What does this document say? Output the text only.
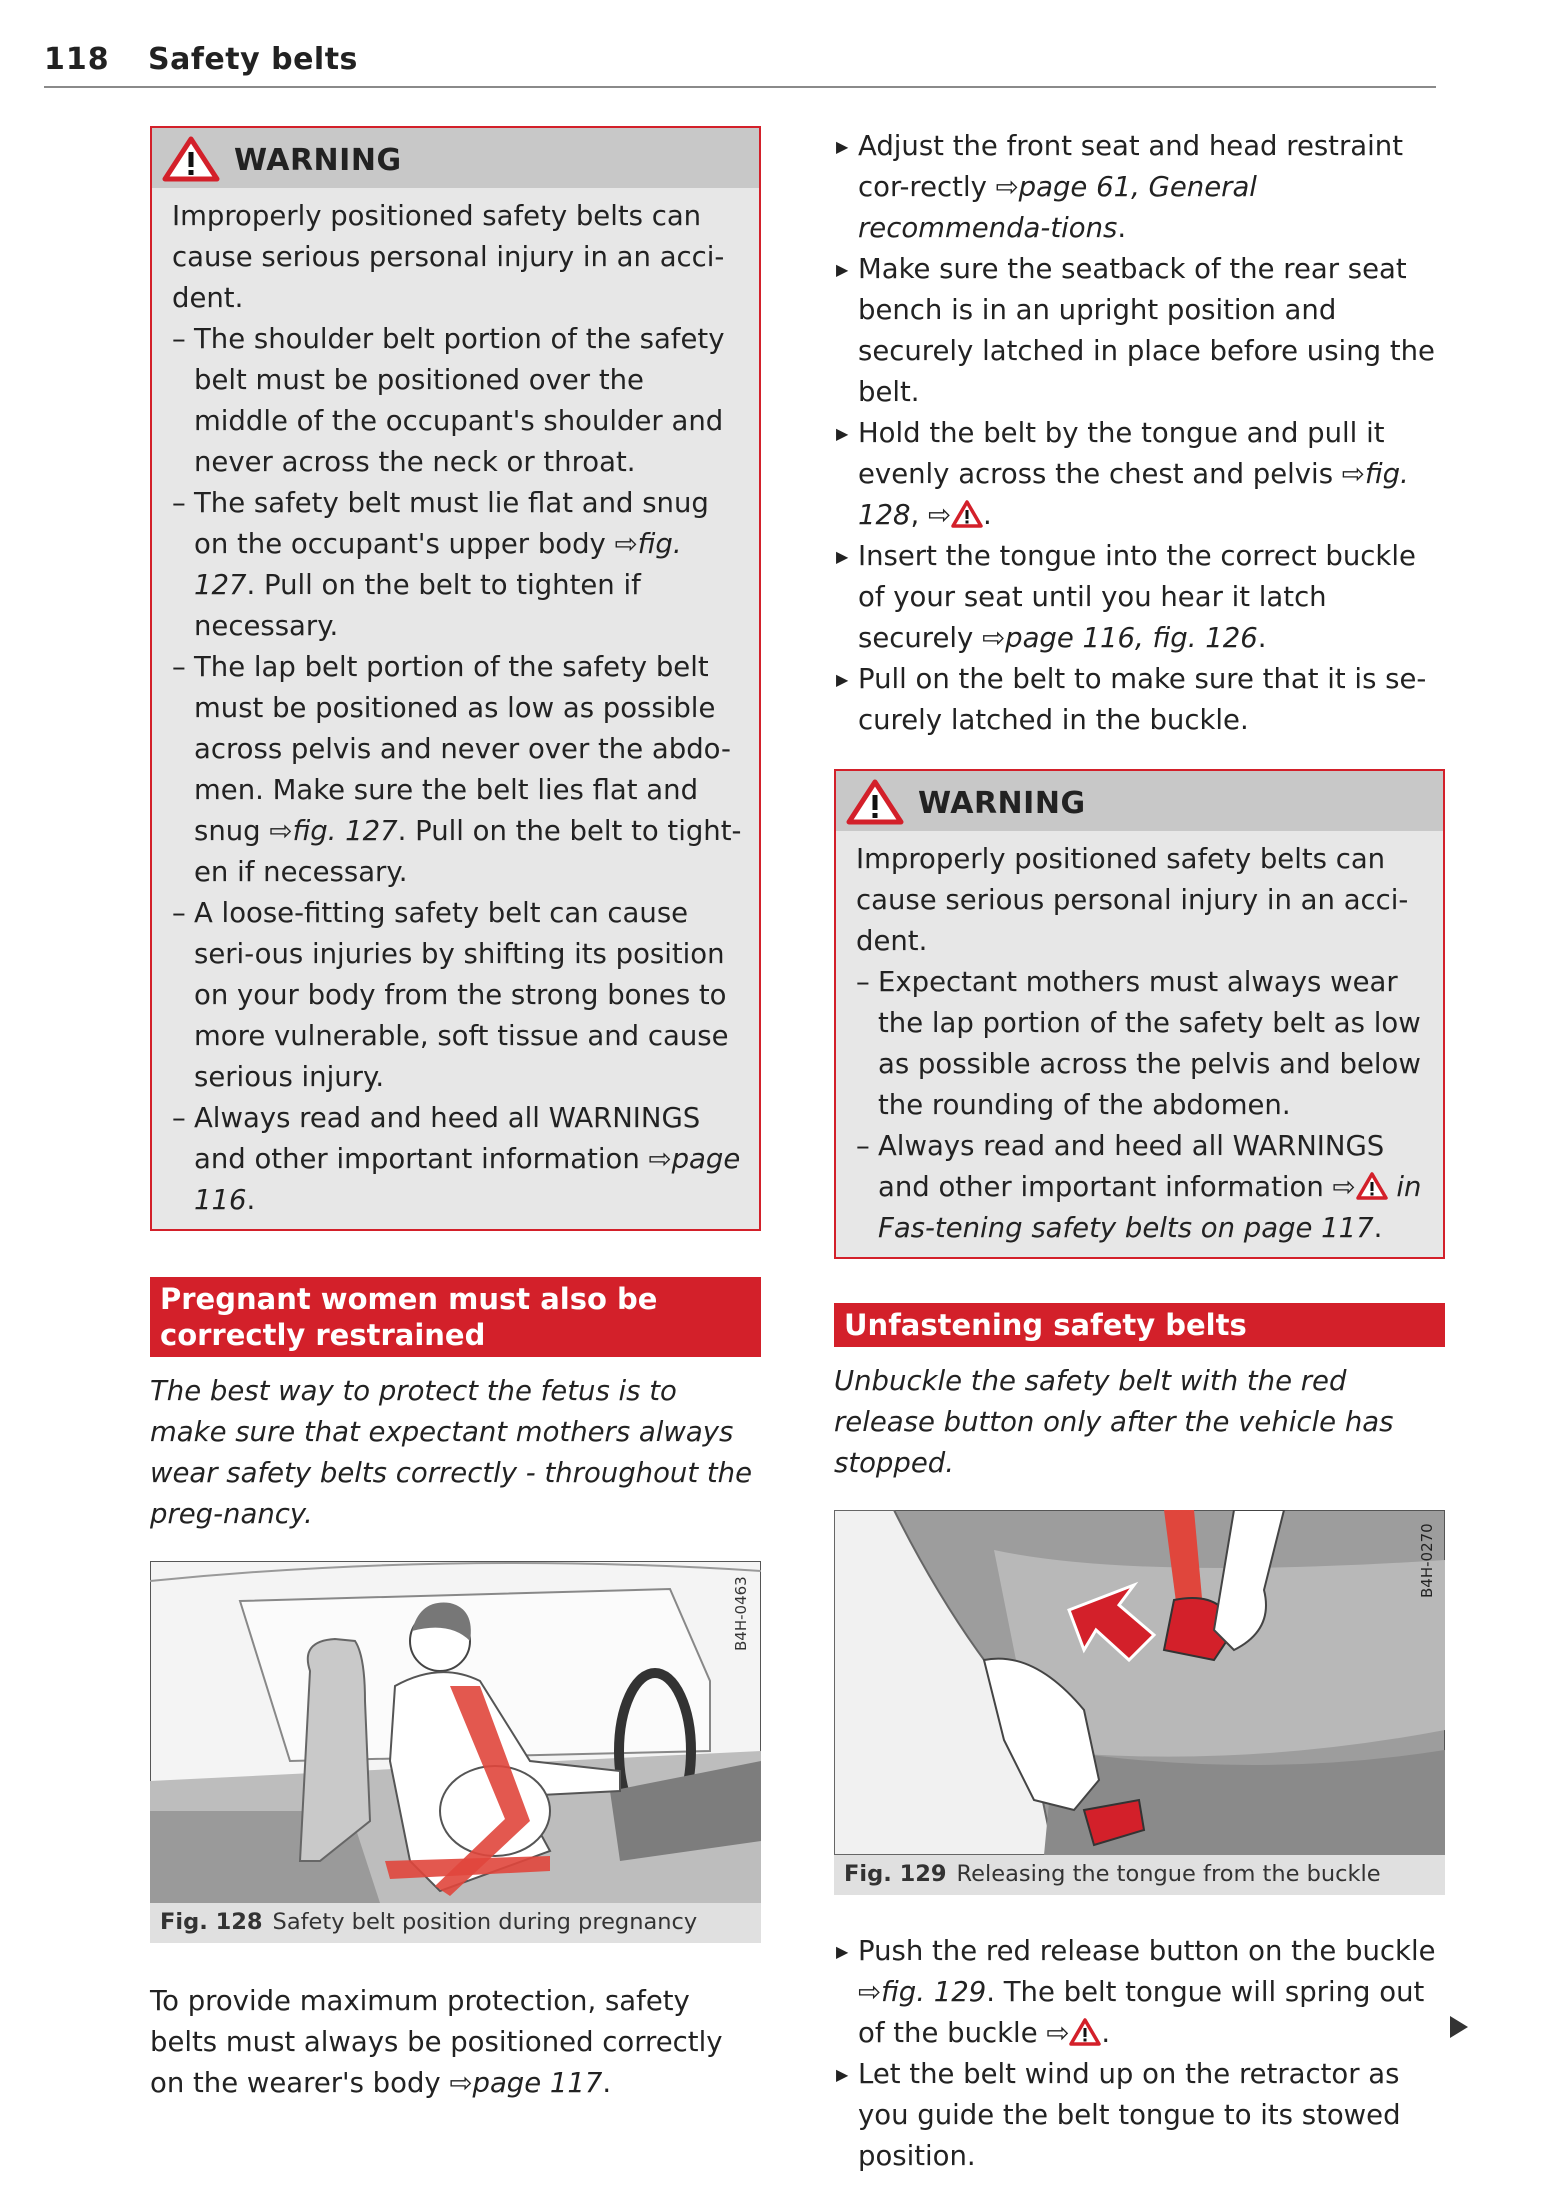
118 Safety belts
WARNING

Improperly positioned safety belts can cause serious personal injury in an acci-dent.

– The shoulder belt portion of the safety belt must be positioned over the middle of the occupant's shoulder and never across the neck or throat.
– The safety belt must lie flat and snug on the occupant's upper body ⇨fig. 127. Pull on the belt to tighten if necessary.
– The lap belt portion of the safety belt must be positioned as low as possible across pelvis and never over the abdo-men. Make sure the belt lies flat and snug ⇨fig. 127. Pull on the belt to tight-en if necessary.
– A loose-fitting safety belt can cause seri-ous injuries by shifting its position on your body from the strong bones to more vulnerable, soft tissue and cause serious injury.
– Always read and heed all WARNINGS and other important information ⇨page 116.
Pregnant women must also be correctly restrained

The best way to protect the fetus is to make sure that expectant mothers always wear safety belts correctly - throughout the preg-nancy.

B4H-0463
Fig. 128 Safety belt position during pregnancy

To provide maximum protection, safety belts must always be positioned correctly on the wearer's body ⇨page 117.

▶ Adjust the front seat and head restraint cor-rectly ⇨page 61, General recommenda-tions.
▶ Make sure the seatback of the rear seat bench is in an upright position and securely latched in place before using the belt.
▶ Hold the belt by the tongue and pull it evenly across the chest and pelvis ⇨fig. 128, ⇨ .
▶ Insert the tongue into the correct buckle of your seat until you hear it latch securely ⇨page 116, fig. 126.
▶ Pull on the belt to make sure that it is se-curely latched in the buckle.
WARNING

Improperly positioned safety belts can cause serious personal injury in an acci-dent.

– Expectant mothers must always wear the lap portion of the safety belt as low as possible across the pelvis and below the rounding of the abdomen.
– Always read and heed all WARNINGS and other important information ⇨ in Fas-tening safety belts on page 117.
Unfastening safety belts

Unbuckle the safety belt with the red release button only after the vehicle has stopped.

B4H-0270
Fig. 129 Releasing the tongue from the buckle
▶ Push the red release button on the buckle ⇨fig. 129. The belt tongue will spring out of the buckle ⇨ .
▶ Let the belt wind up on the retractor as you guide the belt tongue to its stowed position.
